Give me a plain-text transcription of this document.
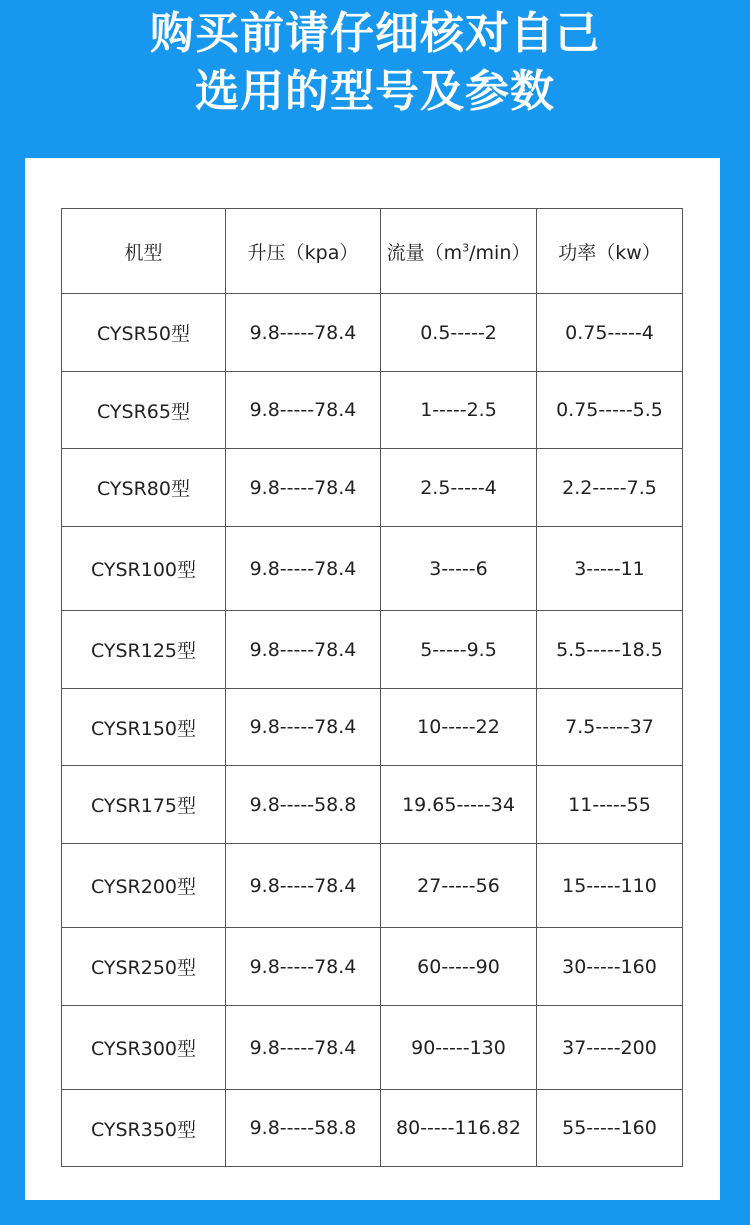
购买前请仔细核对自己
选用的型号及参数
机型	升压（kpa）	流量$(m^3/\min)$	功率（kw）
CYSR50型	9.8-----78.4	0.5-----2	0.75-----4
CYSR65型	9.8-----78.4	1-----2.5	0.75-----5.5
CYSR80型	9.8-----78.4	2.5-----4	2.2-----7.5
CYSR100型	9.8-----78.4	3-----6	3-----11
CYSR125型	9.8-----78.4	5-----9.5	5.5-----18.5
CYSR150型	9.8-----78.4	10-----22	7.5-----37
CYSR175型	9.8-----58.8	19.65-----34	11-----55
CYSR200型	9.8-----78.4	27-----56	15-----110
CYSR250型	9.8-----78.4	60-----90	30-----160
CYSR300型	9.8-----78.4	90-----130	37-----200
CYSR350型	9.8-----58.8	80-----116.82	55-----160
